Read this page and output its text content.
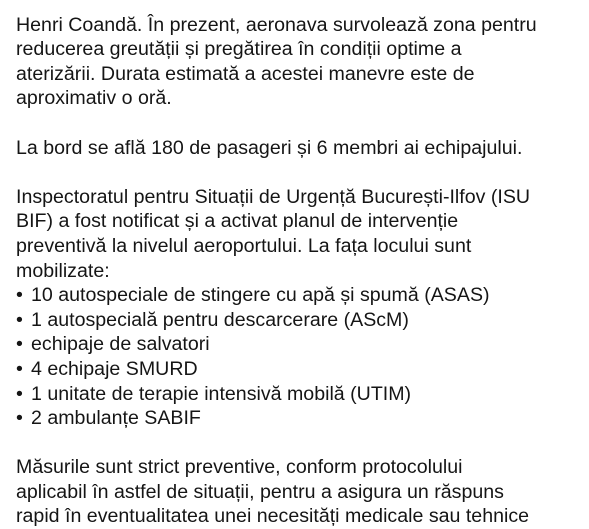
Henri Coandă. În prezent, aeronava survolează zona pentru
reducerea greutății și pregătirea în condiții optime a
aterizării. Durata estimată a acestei manevre este de
aproximativ o oră.
La bord se află 180 de pasageri și 6 membri ai echipajului.
Inspectoratul pentru Situații de Urgență București-Ilfov (ISU
BIF) a fost notificat și a activat planul de intervenție
preventivă la nivelul aeroportului. La fața locului sunt
mobilizate:
• 10 autospeciale de stingere cu apă și spumă (ASAS)
• 1 autospecială pentru descarcerare (AScM)
• echipaje de salvatori
• 4 echipaje SMURD
• 1 unitate de terapie intensivă mobilă (UTIM)
• 2 ambulanțe SABIF
Măsurile sunt strict preventive, conform protocolului
aplicabil în astfel de situații, pentru a asigura un răspuns
rapid în eventualitatea unei necesități medicale sau tehnice
